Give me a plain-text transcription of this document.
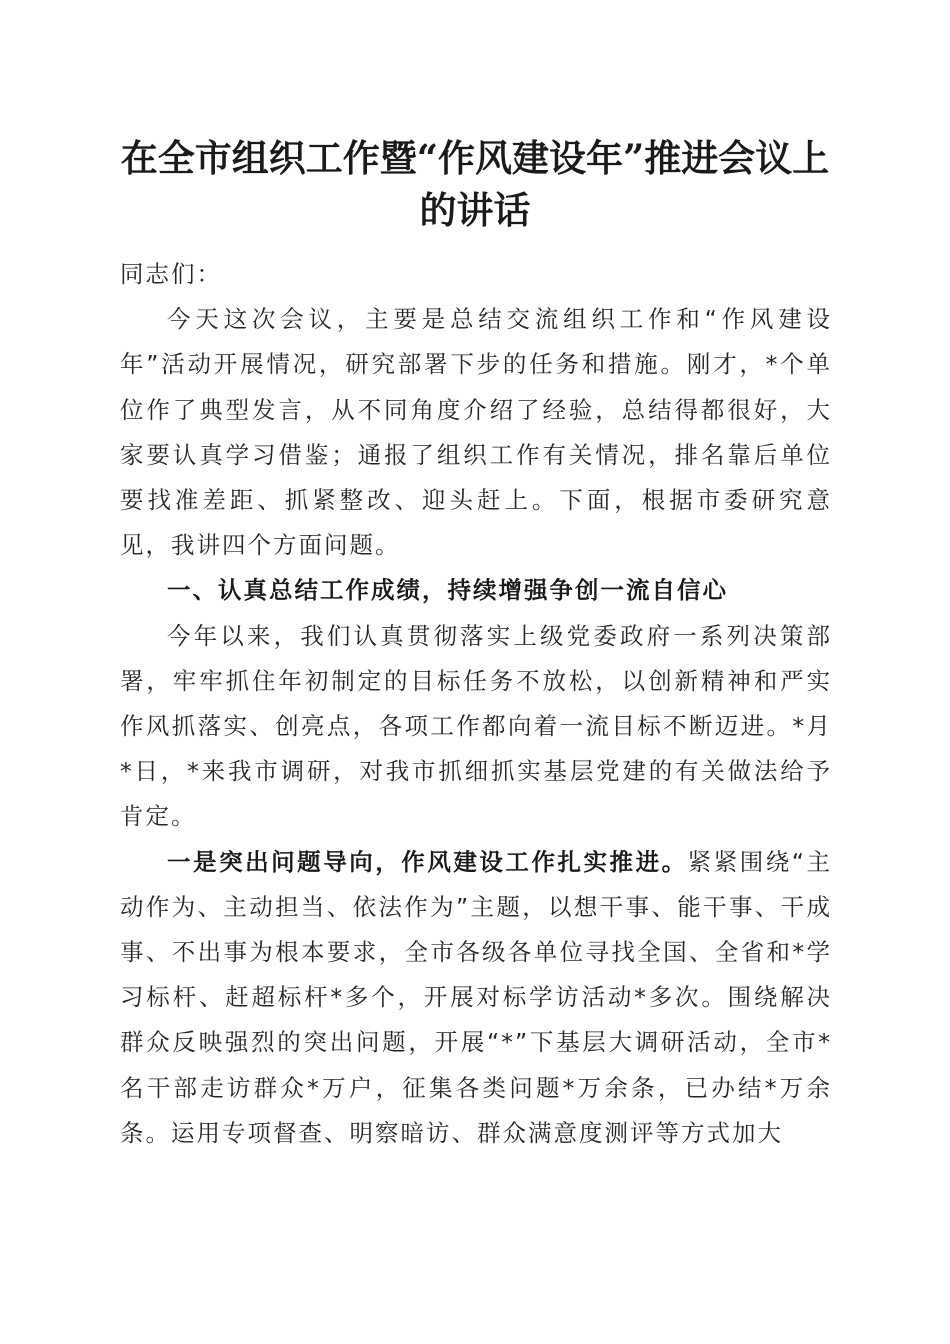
在全市组织工作暨“作风建设年”推进会议上
的讲话

同志们：

今天这次会议，主要是总结交流组织工作和“作风建设年”活动开展情况，研究部署下步的任务和措施。刚才，*个单位作了典型发言，从不同角度介绍了经验，总结得都很好，大家要认真学习借鉴；通报了组织工作有关情况，排名靠后单位要找准差距、抓紧整改、迎头赶上。下面，根据市委研究意见，我讲四个方面问题。

一、认真总结工作成绩，持续增强争创一流自信心

今年以来，我们认真贯彻落实上级党委政府一系列决策部署，牢牢抓住年初制定的目标任务不放松，以创新精神和严实作风抓落实、创亮点，各项工作都向着一流目标不断迈进。*月*日，*来我市调研，对我市抓细抓实基层党建的有关做法给予肯定。

一是突出问题导向，作风建设工作扎实推进。紧紧围绕“主动作为、主动担当、依法作为”主题，以想干事、能干事、干成事、不出事为根本要求，全市各级各单位寻找全国、全省和*学习标杆、赶超标杆*多个，开展对标学访活动*多次。围绕解决群众反映强烈的突出问题，开展“*”下基层大调研活动，全市*名干部走访群众*万户，征集各类问题*万余条，已办结*万余条。运用专项督查、明察暗访、群众满意度测评等方式加大
